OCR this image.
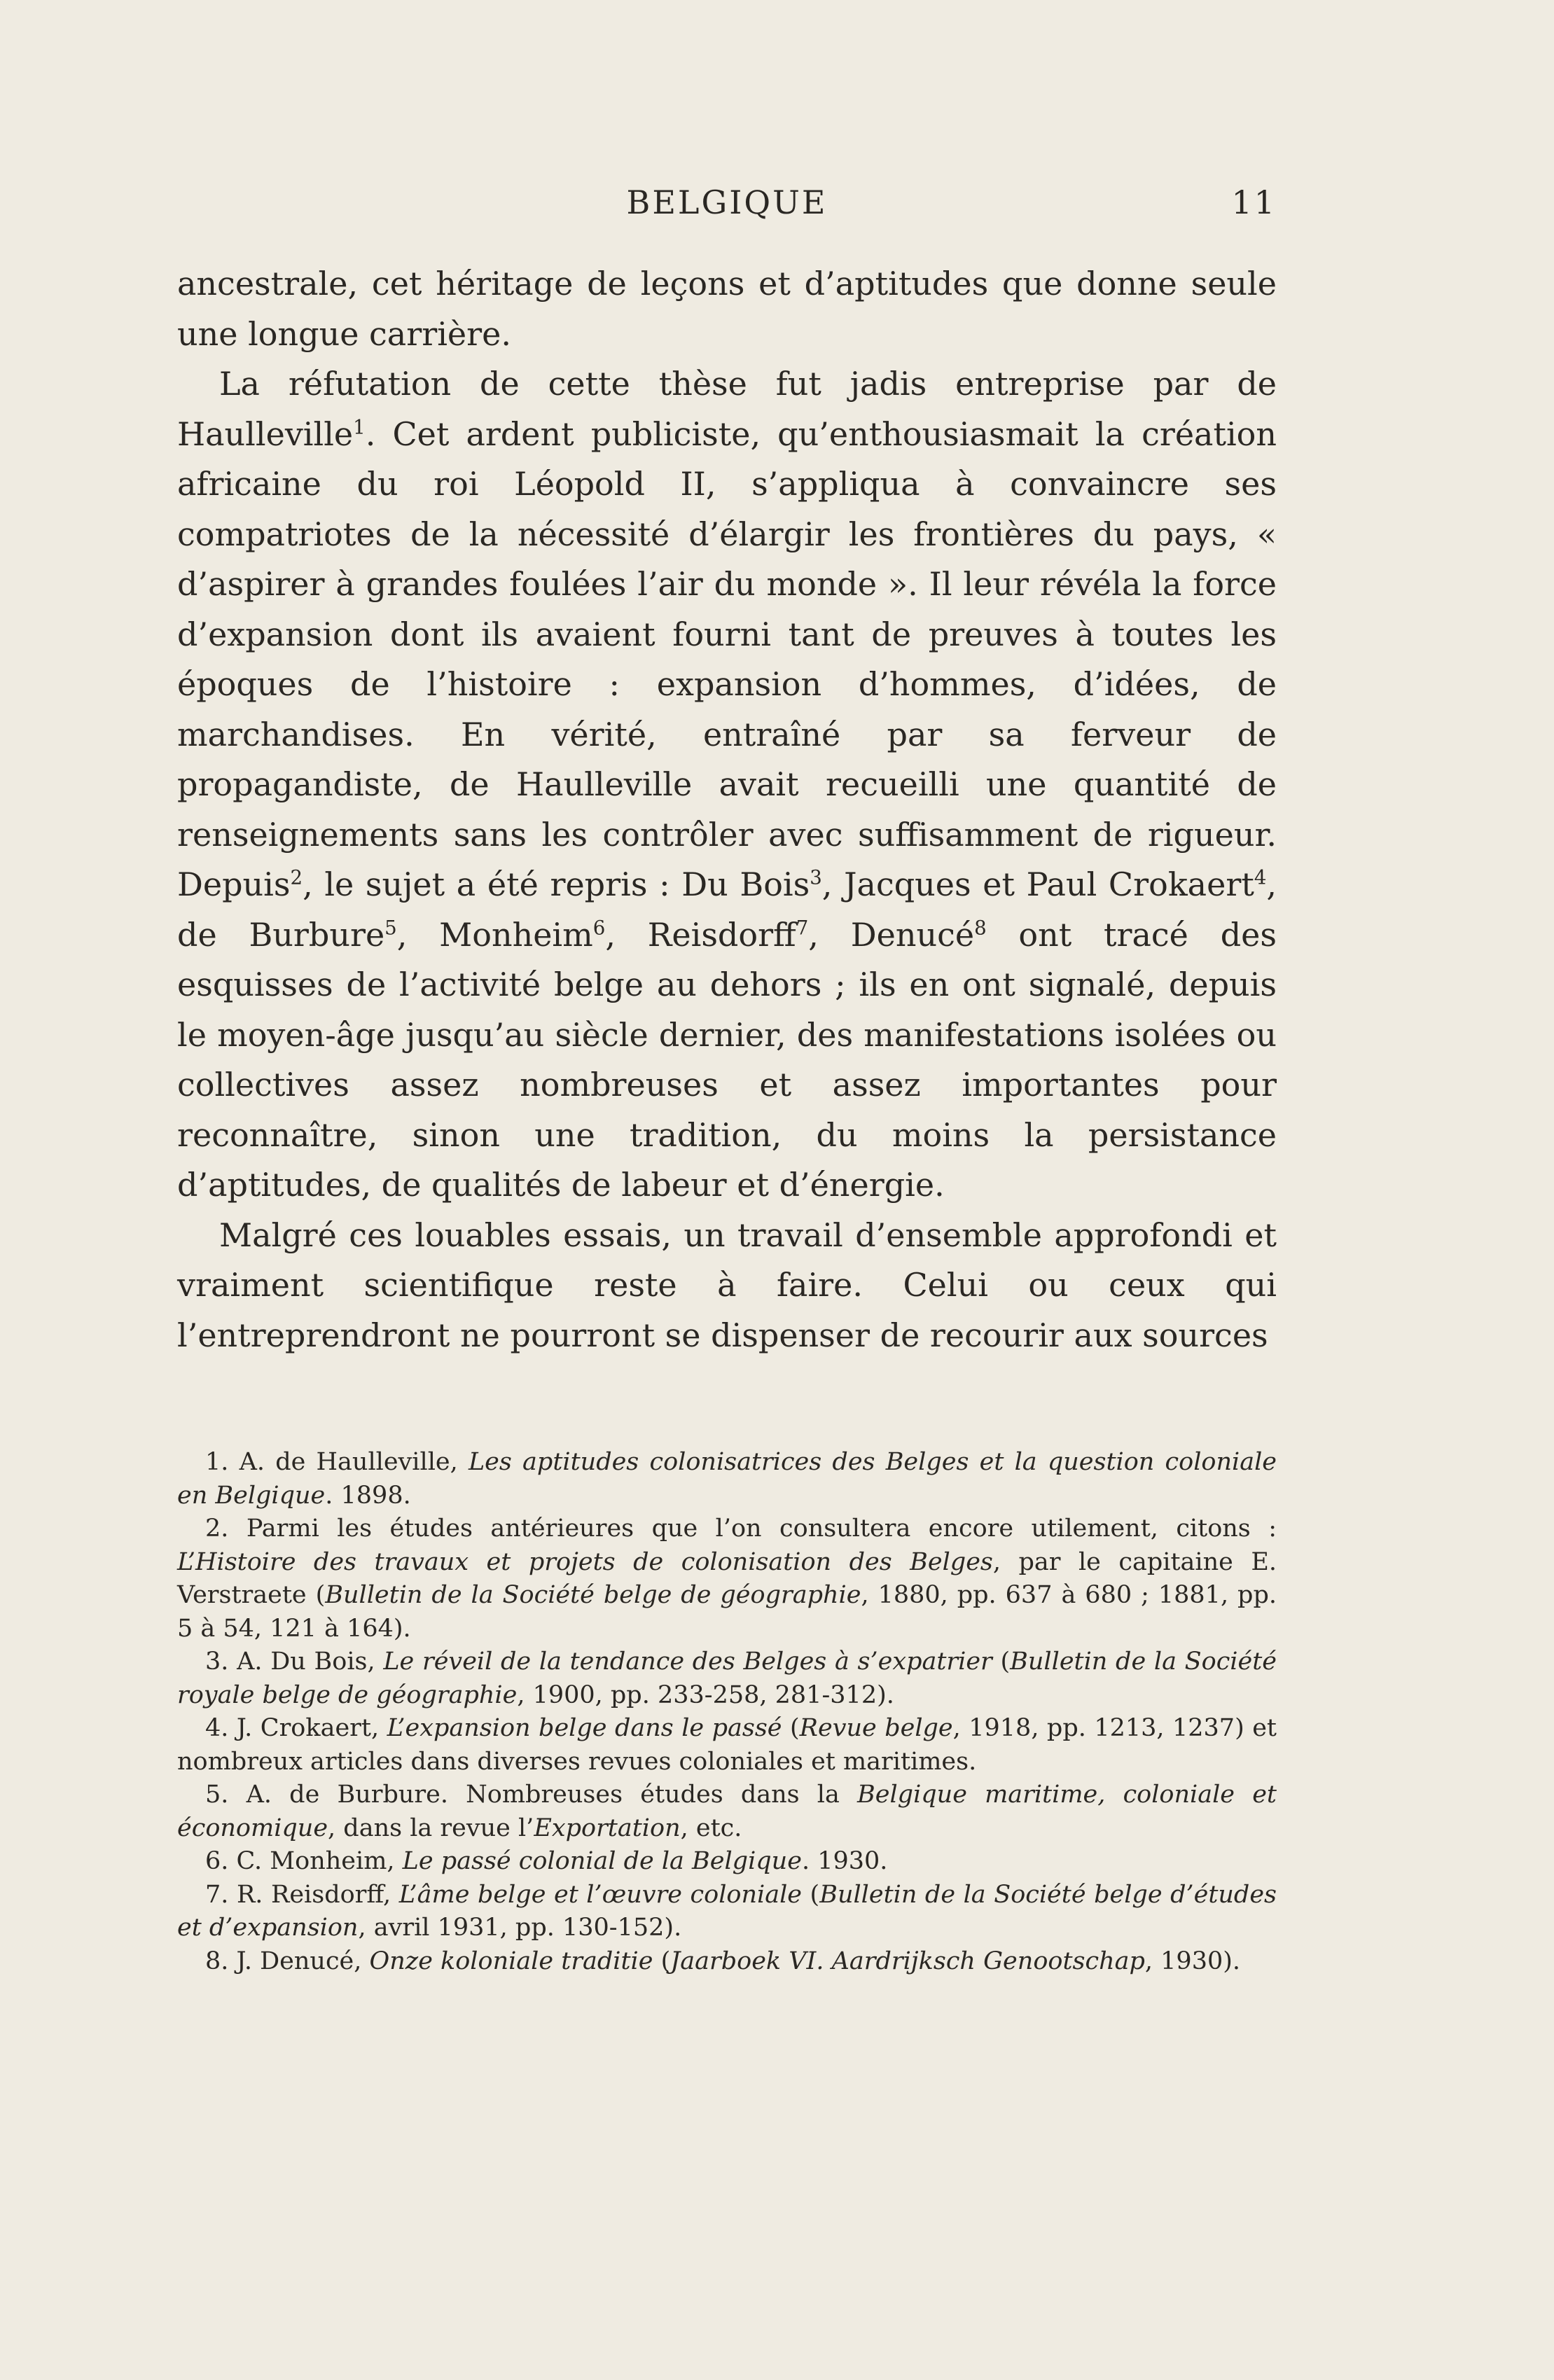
BELGIQUE	11

ancestrale, cet héritage de leçons et d’aptitudes que donne seule une longue carrière.

La réfutation de cette thèse fut jadis entreprise par de Haulleville$^1$. Cet ardent publiciste, qu’enthousiasmait la création africaine du roi Léopold II, s’appliqua à convaincre ses compatriotes de la nécessité d’élargir les frontières du pays, « d’aspirer à grandes foulées l’air du monde ». Il leur révéla la force d’expansion dont ils avaient fourni tant de preuves à toutes les époques de l’histoire : expansion d’hommes, d’idées, de marchandises. En vérité, entraîné par sa ferveur de propagandiste, de Haulleville avait recueilli une quantité de renseignements sans les contrôler avec suffisamment de rigueur. Depuis$^2$, le sujet a été repris : Du Bois$^3$, Jacques et Paul Crokaert$^4$, de Burbure$^5$, Monheim$^6$, Reisdorff$^7$, Denucé$^8$ ont tracé des esquisses de l’activité belge au dehors ; ils en ont signalé, depuis le moyen-âge jusqu’au siècle dernier, des manifestations isolées ou collectives assez nombreuses et assez importantes pour reconnaître, sinon une tradition, du moins la persistance d’aptitudes, de qualités de labeur et d’énergie.

Malgré ces louables essais, un travail d’ensemble approfondi et vraiment scientifique reste à faire. Celui ou ceux qui l’entreprendront ne pourront se dispenser de recourir aux sources

1. A. de Haulleville, Les aptitudes colonisatrices des Belges et la question coloniale en Belgique. 1898.

2. Parmi les études antérieures que l’on consultera encore utilement, citons : L’Histoire des travaux et projets de colonisation des Belges, par le capitaine E. Verstraete (Bulletin de la Société belge de géographie, 1880, pp. 637 à 680 ; 1881, pp. 5 à 54, 121 à 164).

3. A. Du Bois, Le réveil de la tendance des Belges à s’expatrier (Bulletin de la Société royale belge de géographie, 1900, pp. 233-258, 281-312).

4. J. Crokaert, L’expansion belge dans le passé (Revue belge, 1918, pp. 1213, 1237) et nombreux articles dans diverses revues coloniales et maritimes.

5. A. de Burbure. Nombreuses études dans la Belgique maritime, coloniale et économique, dans la revue l’Exportation, etc.

6. C. Monheim, Le passé colonial de la Belgique. 1930.

7. R. Reisdorff, L’âme belge et l’œuvre coloniale (Bulletin de la Société belge d’études et d’expansion, avril 1931, pp. 130-152).

8. J. Denucé, Onze koloniale traditie (Jaarboek VI. Aardrijksch Genootschap, 1930).
